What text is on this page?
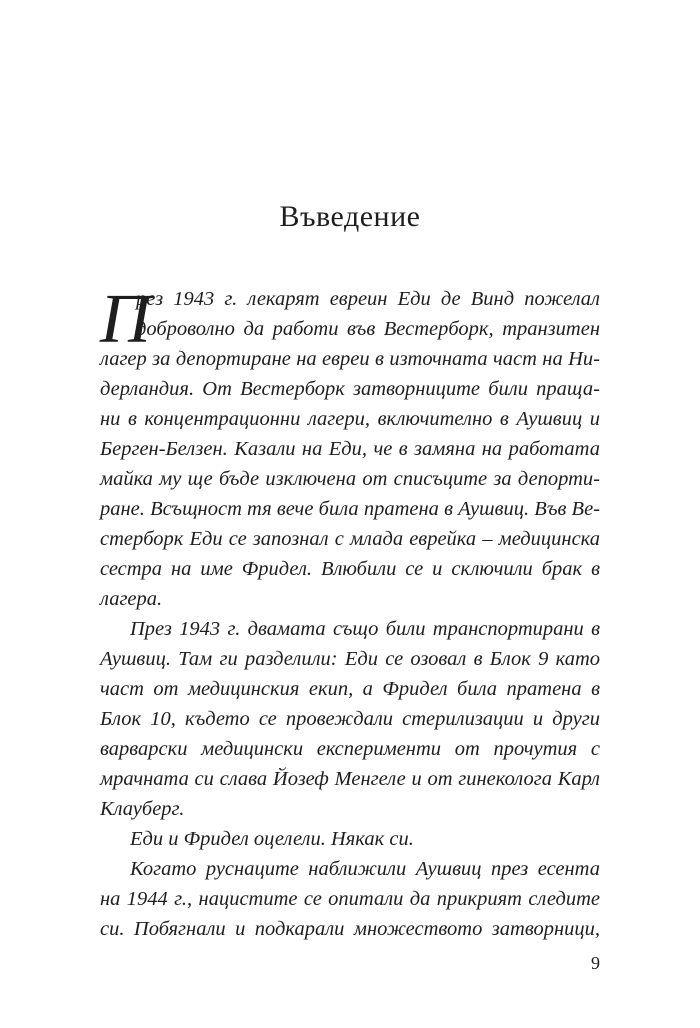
Въведение
П
рез 1943 г. лекарят евреин Еди де Винд пожелал
доброволно да работи във Вестерборк, транзитен
лагер за депортиране на евреи в източната част на Ни-
дерландия. От Вестерборк затворниците били праща-
ни в концентрационни лагери, включително в Аушвиц и
Берген-Белзен. Казали на Еди, че в замяна на работата
майка му ще бъде изключена от списъците за депорти-
ране. Всъщност тя вече била пратена в Аушвиц. Във Ве-
стерборк Еди се запознал с млада еврейка – медицинска
сестра на име Фридел. Влюбили се и сключили брак в
лагера.
През 1943 г. двамата също били транспортирани в
Аушвиц. Там ги разделили: Еди се озовал в Блок 9 като
част от медицинския екип, а Фридел била пратена в
Блок 10, където се провеждали стерилизации и други
варварски медицински експерименти от прочутия с
мрачната си слава Йозеф Менгеле и от гинеколога Карл
Клауберг.
Еди и Фридел оцелели. Някак си.
Когато руснаците наближили Аушвиц през есента
на 1944 г., нацистите се опитали да прикрият следите
си. Побягнали и подкарали множеството затворници,
9
